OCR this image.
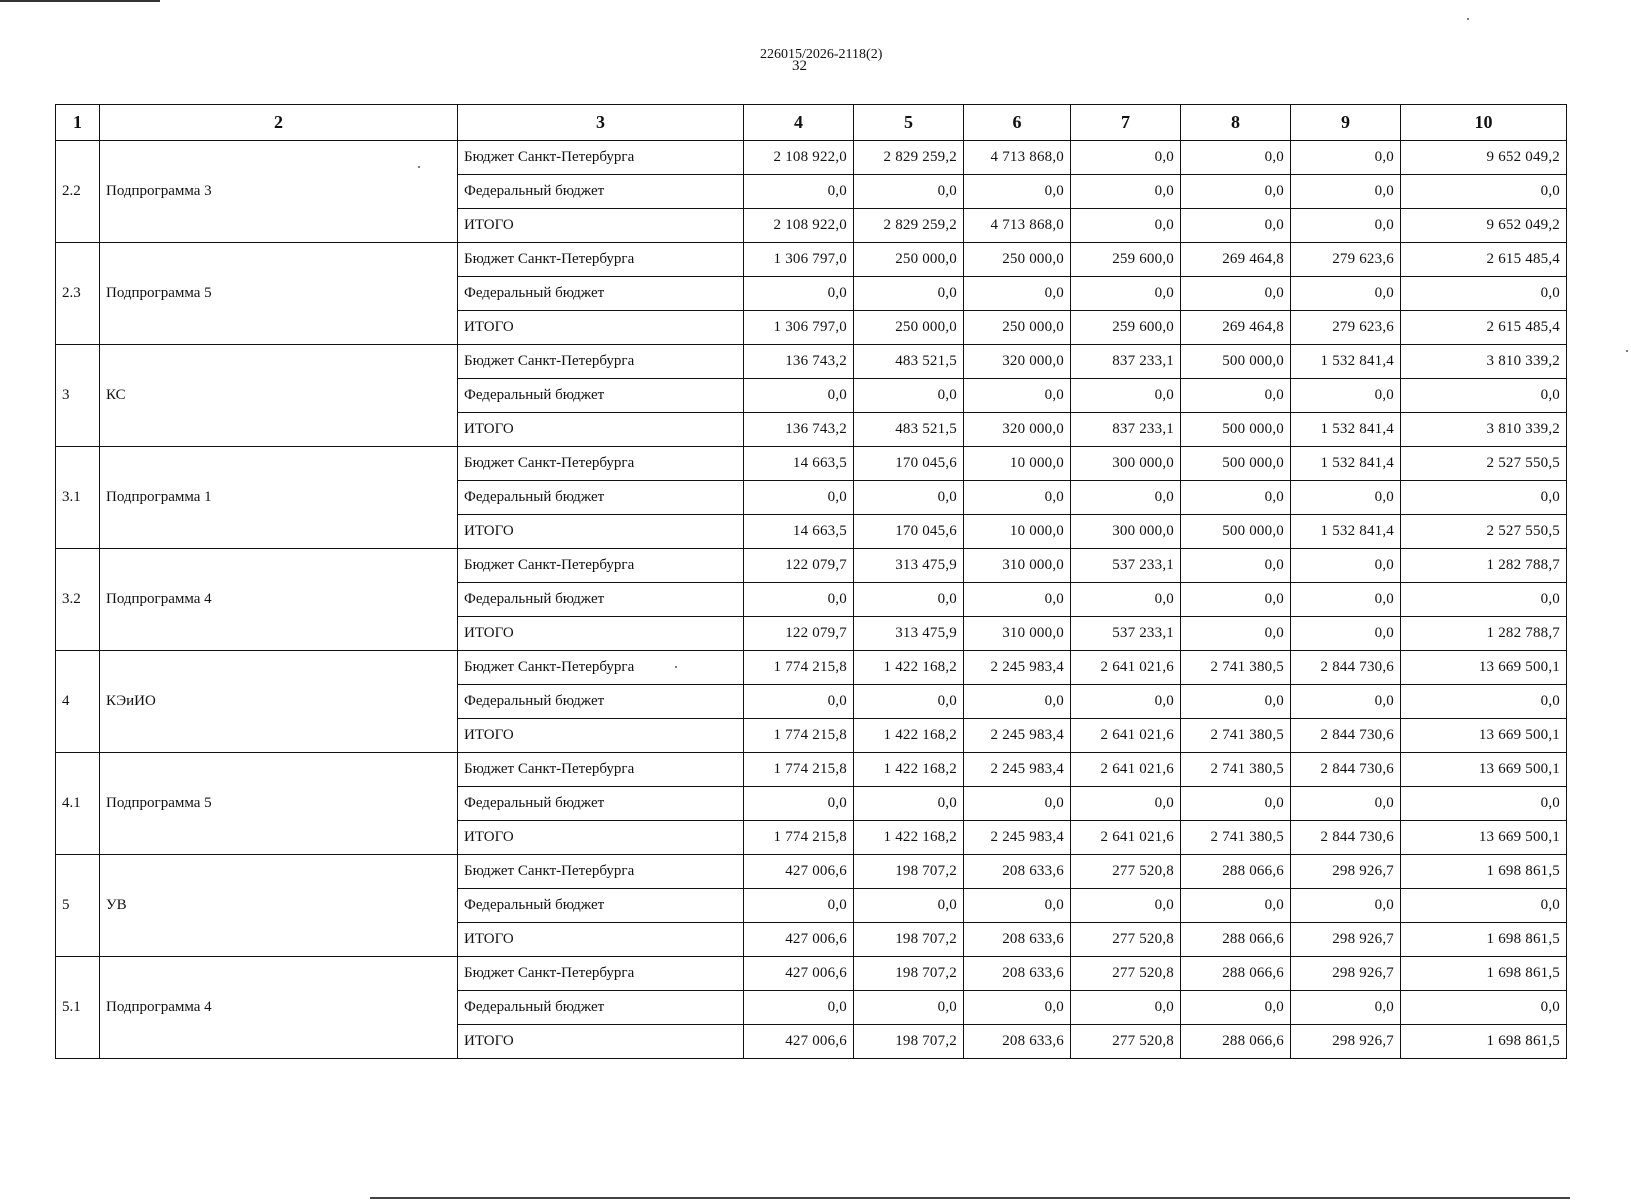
226015/2026-2118(2)
32
1	2	3	4	5	6	7	8	9	10
2.2	Подпрограмма 3	Бюджет Санкт-Петербурга	2 108 922,0	2 829 259,2	4 713 868,0	0,0	0,0	0,0	9 652 049,2
		Федеральный бюджет	0,0	0,0	0,0	0,0	0,0	0,0	0,0
		ИТОГО	2 108 922,0	2 829 259,2	4 713 868,0	0,0	0,0	0,0	9 652 049,2
2.3	Подпрограмма 5	Бюджет Санкт-Петербурга	1 306 797,0	250 000,0	250 000,0	259 600,0	269 464,8	279 623,6	2 615 485,4
		Федеральный бюджет	0,0	0,0	0,0	0,0	0,0	0,0	0,0
		ИТОГО	1 306 797,0	250 000,0	250 000,0	259 600,0	269 464,8	279 623,6	2 615 485,4
3	КС	Бюджет Санкт-Петербурга	136 743,2	483 521,5	320 000,0	837 233,1	500 000,0	1 532 841,4	3 810 339,2
		Федеральный бюджет	0,0	0,0	0,0	0,0	0,0	0,0	0,0
		ИТОГО	136 743,2	483 521,5	320 000,0	837 233,1	500 000,0	1 532 841,4	3 810 339,2
3.1	Подпрограмма 1	Бюджет Санкт-Петербурга	14 663,5	170 045,6	10 000,0	300 000,0	500 000,0	1 532 841,4	2 527 550,5
		Федеральный бюджет	0,0	0,0	0,0	0,0	0,0	0,0	0,0
		ИТОГО	14 663,5	170 045,6	10 000,0	300 000,0	500 000,0	1 532 841,4	2 527 550,5
3.2	Подпрограмма 4	Бюджет Санкт-Петербурга	122 079,7	313 475,9	310 000,0	537 233,1	0,0	0,0	1 282 788,7
		Федеральный бюджет	0,0	0,0	0,0	0,0	0,0	0,0	0,0
		ИТОГО	122 079,7	313 475,9	310 000,0	537 233,1	0,0	0,0	1 282 788,7
4	КЭиИО	Бюджет Санкт-Петербурга	1 774 215,8	1 422 168,2	2 245 983,4	2 641 021,6	2 741 380,5	2 844 730,6	13 669 500,1
		Федеральный бюджет	0,0	0,0	0,0	0,0	0,0	0,0	0,0
		ИТОГО	1 774 215,8	1 422 168,2	2 245 983,4	2 641 021,6	2 741 380,5	2 844 730,6	13 669 500,1
4.1	Подпрограмма 5	Бюджет Санкт-Петербурга	1 774 215,8	1 422 168,2	2 245 983,4	2 641 021,6	2 741 380,5	2 844 730,6	13 669 500,1
		Федеральный бюджет	0,0	0,0	0,0	0,0	0,0	0,0	0,0
		ИТОГО	1 774 215,8	1 422 168,2	2 245 983,4	2 641 021,6	2 741 380,5	2 844 730,6	13 669 500,1
5	УВ	Бюджет Санкт-Петербурга	427 006,6	198 707,2	208 633,6	277 520,8	288 066,6	298 926,7	1 698 861,5
		Федеральный бюджет	0,0	0,0	0,0	0,0	0,0	0,0	0,0
		ИТОГО	427 006,6	198 707,2	208 633,6	277 520,8	288 066,6	298 926,7	1 698 861,5
5.1	Подпрограмма 4	Бюджет Санкт-Петербурга	427 006,6	198 707,2	208 633,6	277 520,8	288 066,6	298 926,7	1 698 861,5
		Федеральный бюджет	0,0	0,0	0,0	0,0	0,0	0,0	0,0
		ИТОГО	427 006,6	198 707,2	208 633,6	277 520,8	288 066,6	298 926,7	1 698 861,5
